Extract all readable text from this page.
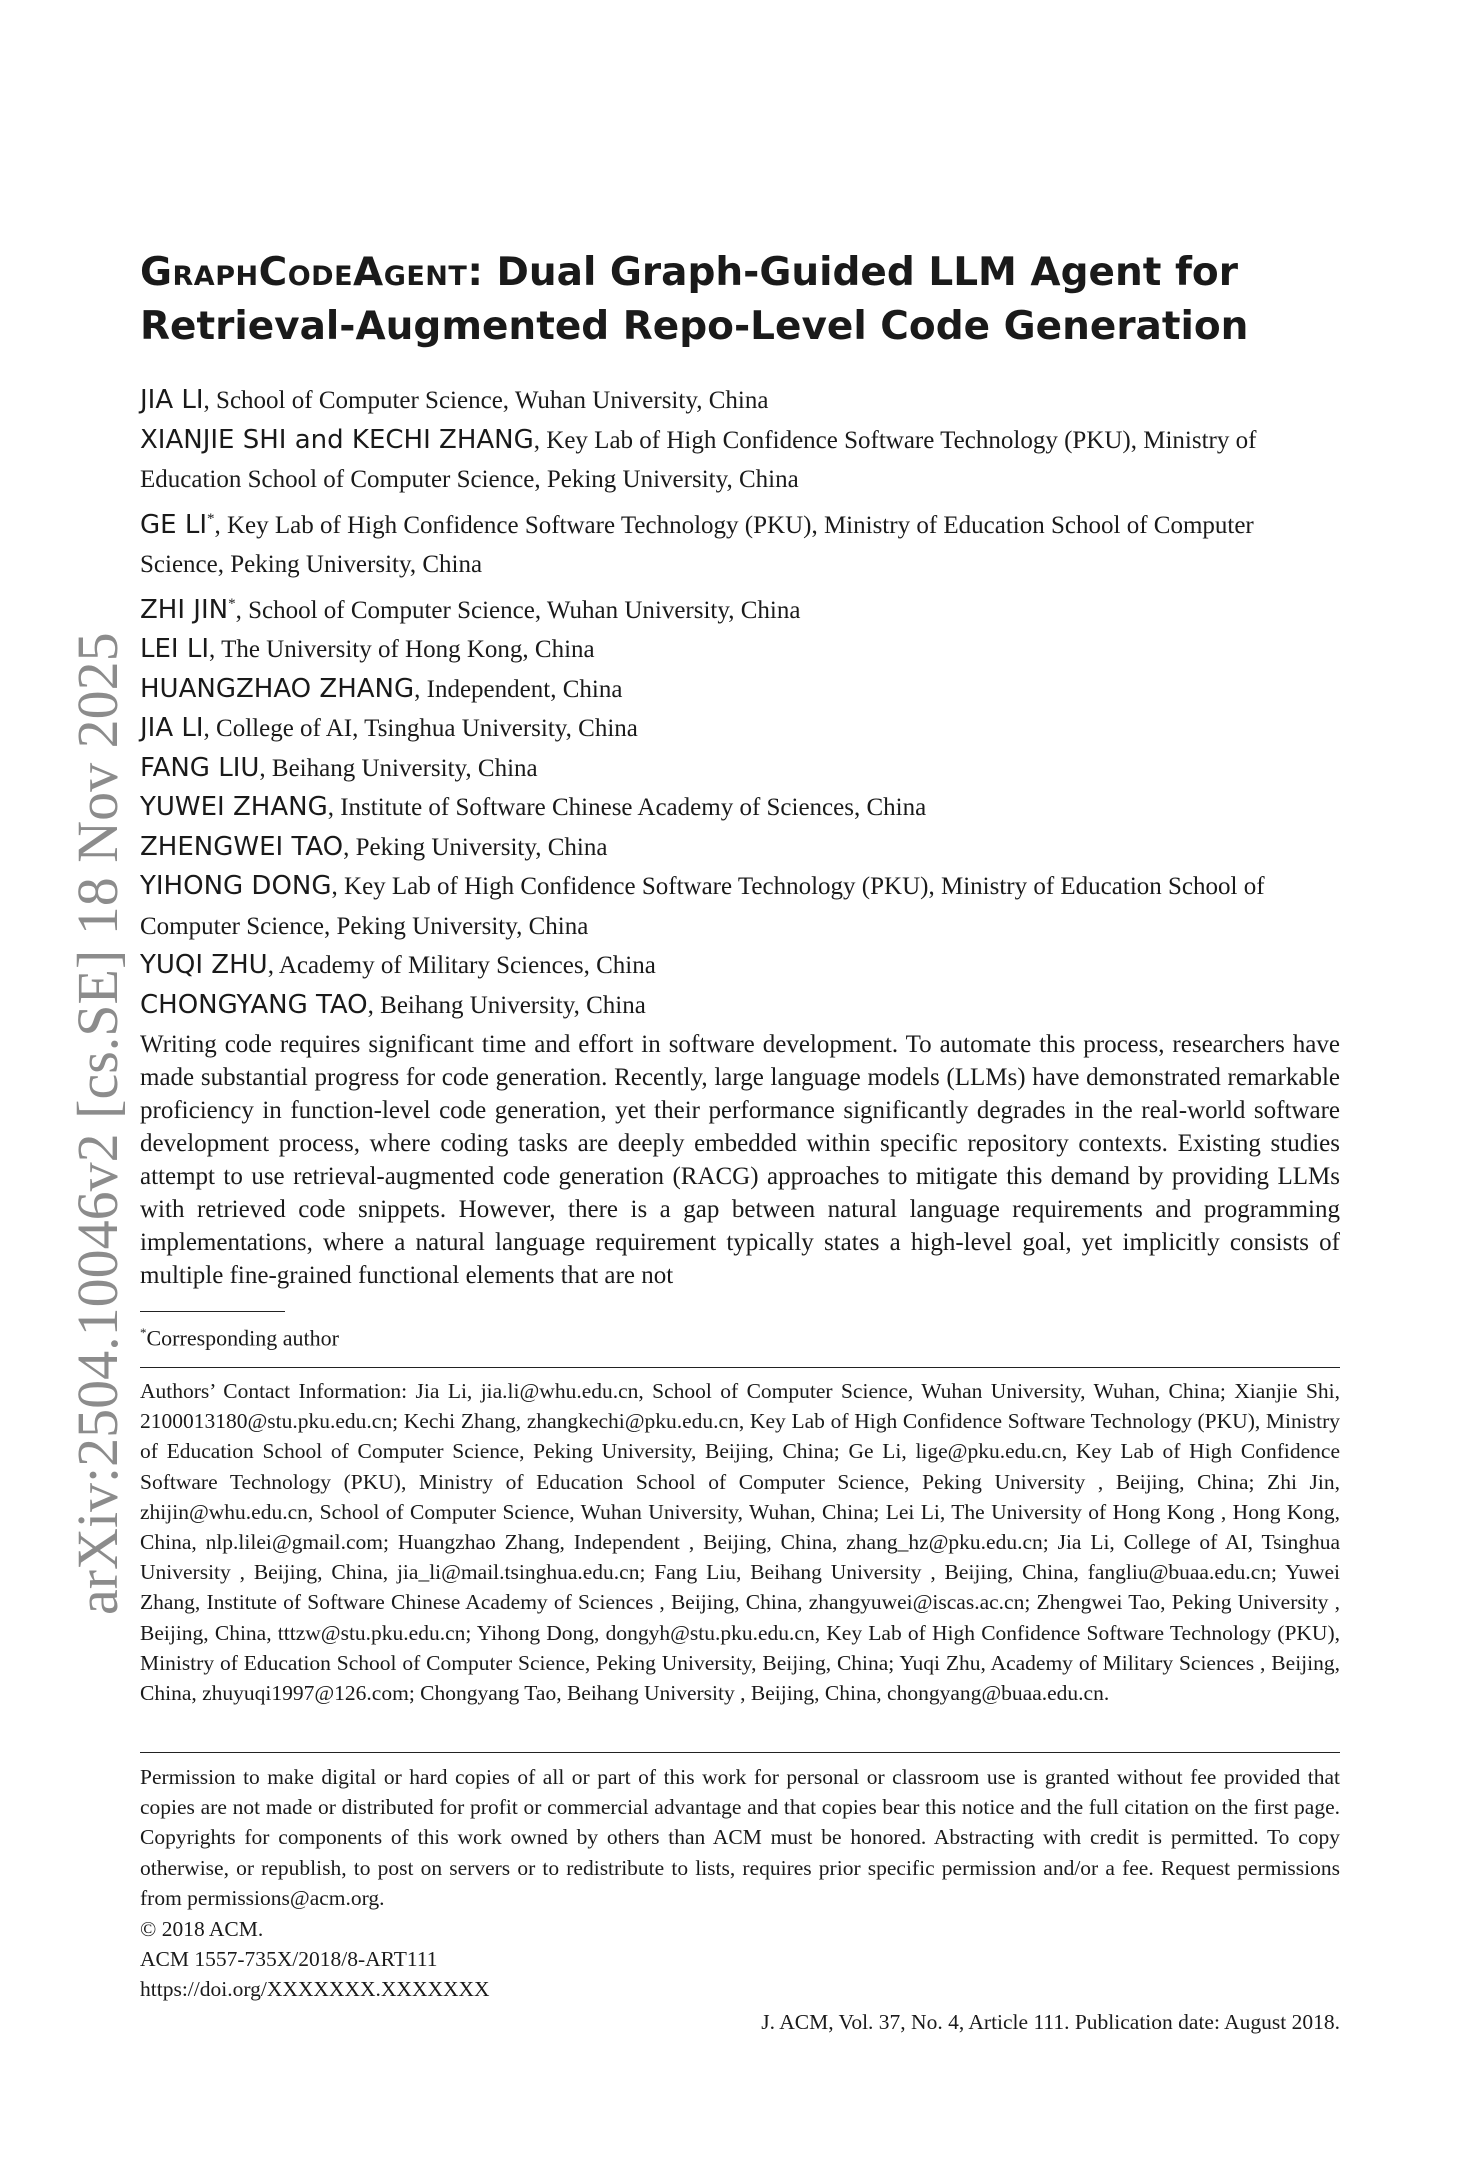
arXiv:2504.10046v2 [cs.SE] 18 Nov 2025
GraphCodeAgent: Dual Graph-Guided LLM Agent for
Retrieval-Augmented Repo-Level Code Generation

JIA LI, School of Computer Science, Wuhan University, China

XIANJIE SHI and KECHI ZHANG, Key Lab of High Confidence Software Technology (PKU), Ministry of Education School of Computer Science, Peking University, China

GE LI*, Key Lab of High Confidence Software Technology (PKU), Ministry of Education School of Computer Science, Peking University, China

ZHI JIN*, School of Computer Science, Wuhan University, China

LEI LI, The University of Hong Kong, China

HUANGZHAO ZHANG, Independent, China

JIA LI, College of AI, Tsinghua University, China

FANG LIU, Beihang University, China

YUWEI ZHANG, Institute of Software Chinese Academy of Sciences, China

ZHENGWEI TAO, Peking University, China

YIHONG DONG, Key Lab of High Confidence Software Technology (PKU), Ministry of Education School of Computer Science, Peking University, China

YUQI ZHU, Academy of Military Sciences, China

CHONGYANG TAO, Beihang University, China

Writing code requires significant time and effort in software development. To automate this process, researchers have made substantial progress for code generation. Recently, large language models (LLMs) have demonstrated remarkable proficiency in function-level code generation, yet their performance significantly degrades in the real-world software development process, where coding tasks are deeply embedded within specific repository contexts. Existing studies attempt to use retrieval-augmented code generation (RACG) approaches to mitigate this demand by providing LLMs with retrieved code snippets. However, there is a gap between natural language requirements and programming implementations, where a natural language requirement typically states a high-level goal, yet implicitly consists of multiple fine-grained functional elements that are not

*Corresponding author

Authors’ Contact Information: Jia Li, jia.li@whu.edu.cn, School of Computer Science, Wuhan University, Wuhan, China; Xianjie Shi, 2100013180@stu.pku.edu.cn; Kechi Zhang, zhangkechi@pku.edu.cn, Key Lab of High Confidence Software Technology (PKU), Ministry of Education School of Computer Science, Peking University, Beijing, China; Ge Li, lige@pku.edu.cn, Key Lab of High Confidence Software Technology (PKU), Ministry of Education School of Computer Science, Peking University , Beijing, China; Zhi Jin, zhijin@whu.edu.cn, School of Computer Science, Wuhan University, Wuhan, China; Lei Li, The University of Hong Kong , Hong Kong, China, nlp.lilei@gmail.com; Huangzhao Zhang, Independent , Beijing, China, zhang_hz@pku.edu.cn; Jia Li, College of AI, Tsinghua University , Beijing, China, jia_li@mail.tsinghua.edu.cn; Fang Liu, Beihang University , Beijing, China, fangliu@buaa.edu.cn; Yuwei Zhang, Institute of Software Chinese Academy of Sciences , Beijing, China, zhangyuwei@iscas.ac.cn; Zhengwei Tao, Peking University , Beijing, China, tttzw@stu.pku.edu.cn; Yihong Dong, dongyh@stu.pku.edu.cn, Key Lab of High Confidence Software Technology (PKU), Ministry of Education School of Computer Science, Peking University, Beijing, China; Yuqi Zhu, Academy of Military Sciences , Beijing, China, zhuyuqi1997@126.com; Chongyang Tao, Beihang University , Beijing, China, chongyang@buaa.edu.cn.

Permission to make digital or hard copies of all or part of this work for personal or classroom use is granted without fee provided that copies are not made or distributed for profit or commercial advantage and that copies bear this notice and the full citation on the first page. Copyrights for components of this work owned by others than ACM must be honored. Abstracting with credit is permitted. To copy otherwise, or republish, to post on servers or to redistribute to lists, requires prior specific permission and/or a fee. Request permissions from permissions@acm.org.

© 2018 ACM.
ACM 1557-735X/2018/8-ART111
https://doi.org/XXXXXXX.XXXXXXX
J. ACM, Vol. 37, No. 4, Article 111. Publication date: August 2018.
